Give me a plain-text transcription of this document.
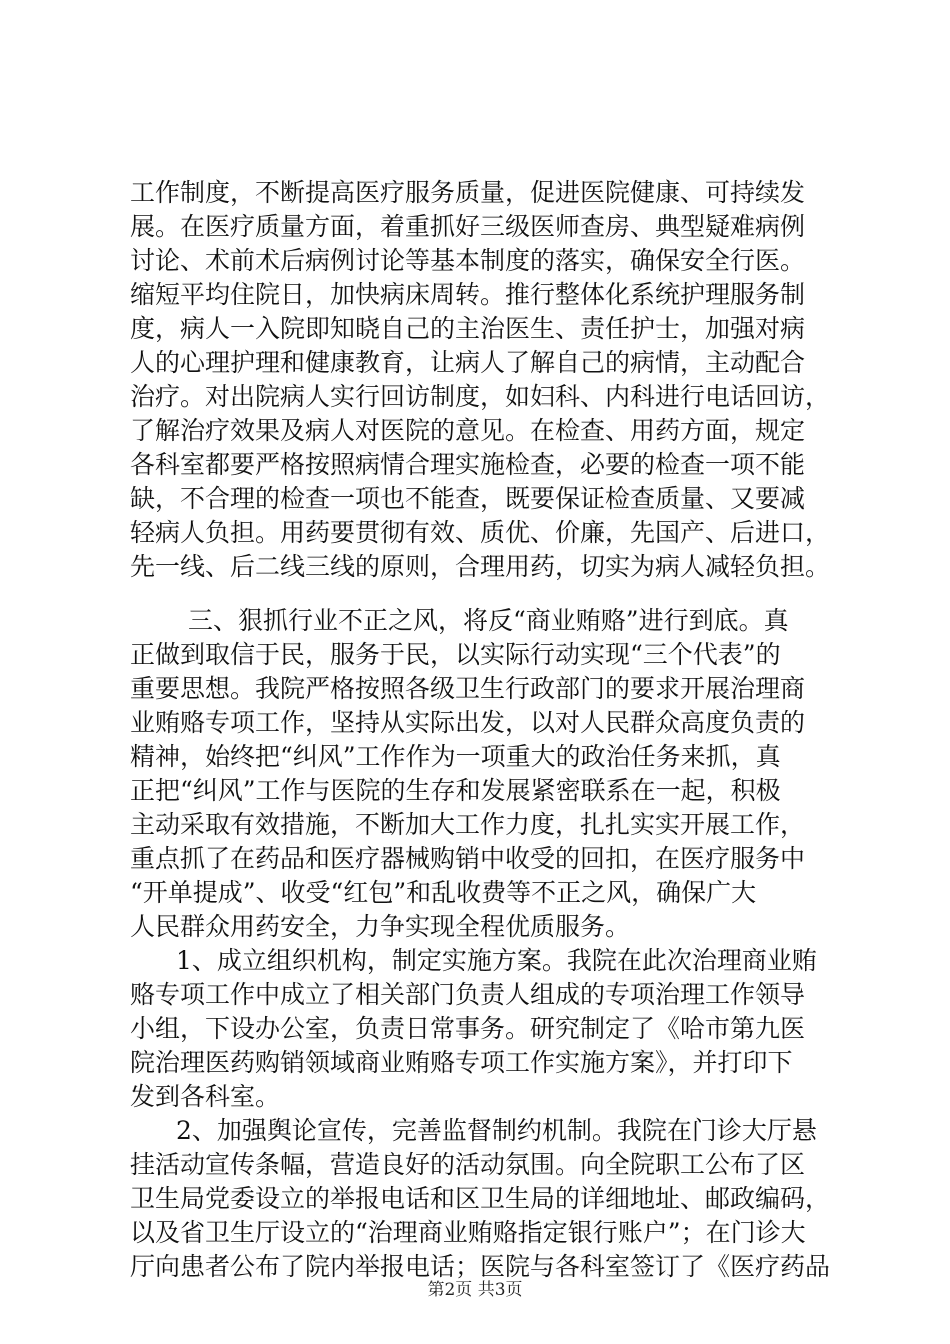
工作制度，不断提高医疗服务质量，促进医院健康、可持续发
展。在医疗质量方面，着重抓好三级医师查房、典型疑难病例
讨论、术前术后病例讨论等基本制度的落实，确保安全行医。
缩短平均住院日，加快病床周转。推行整体化系统护理服务制
度，病人一入院即知晓自己的主治医生、责任护士，加强对病
人的心理护理和健康教育，让病人了解自己的病情，主动配合
治疗。对出院病人实行回访制度，如妇科、内科进行电话回访，
了解治疗效果及病人对医院的意见。在检查、用药方面，规定
各科室都要严格按照病情合理实施检查，必要的检查一项不能
缺，不合理的检查一项也不能查，既要保证检查质量、又要减
轻病人负担。用药要贯彻有效、质优、价廉，先国产、后进口，
先一线、后二线三线的原则，合理用药，切实为病人减轻负担。
三、狠抓行业不正之风，将反“商业贿赂”进行到底。真
正做到取信于民，服务于民，以实际行动实现“三个代表”的
重要思想。我院严格按照各级卫生行政部门的要求开展治理商
业贿赂专项工作，坚持从实际出发，以对人民群众高度负责的
精神，始终把“纠风”工作作为一项重大的政治任务来抓，真
正把“纠风”工作与医院的生存和发展紧密联系在一起，积极
主动采取有效措施，不断加大工作力度，扎扎实实开展工作，
重点抓了在药品和医疗器械购销中收受的回扣，在医疗服务中
“开单提成”、收受“红包”和乱收费等不正之风，确保广大
人民群众用药安全，力争实现全程优质服务。
1、成立组织机构，制定实施方案。我院在此次治理商业贿
赂专项工作中成立了相关部门负责人组成的专项治理工作领导
小组，下设办公室，负责日常事务。研究制定了《哈市第九医
院治理医药购销领域商业贿赂专项工作实施方案》，并打印下
发到各科室。
2、加强舆论宣传，完善监督制约机制。我院在门诊大厅悬
挂活动宣传条幅，营造良好的活动氛围。向全院职工公布了区
卫生局党委设立的举报电话和区卫生局的详细地址、邮政编码，
以及省卫生厅设立的“治理商业贿赂指定银行账户”；在门诊大
厅向患者公布了院内举报电话；医院与各科室签订了《医疗药品
第2页 共3页
